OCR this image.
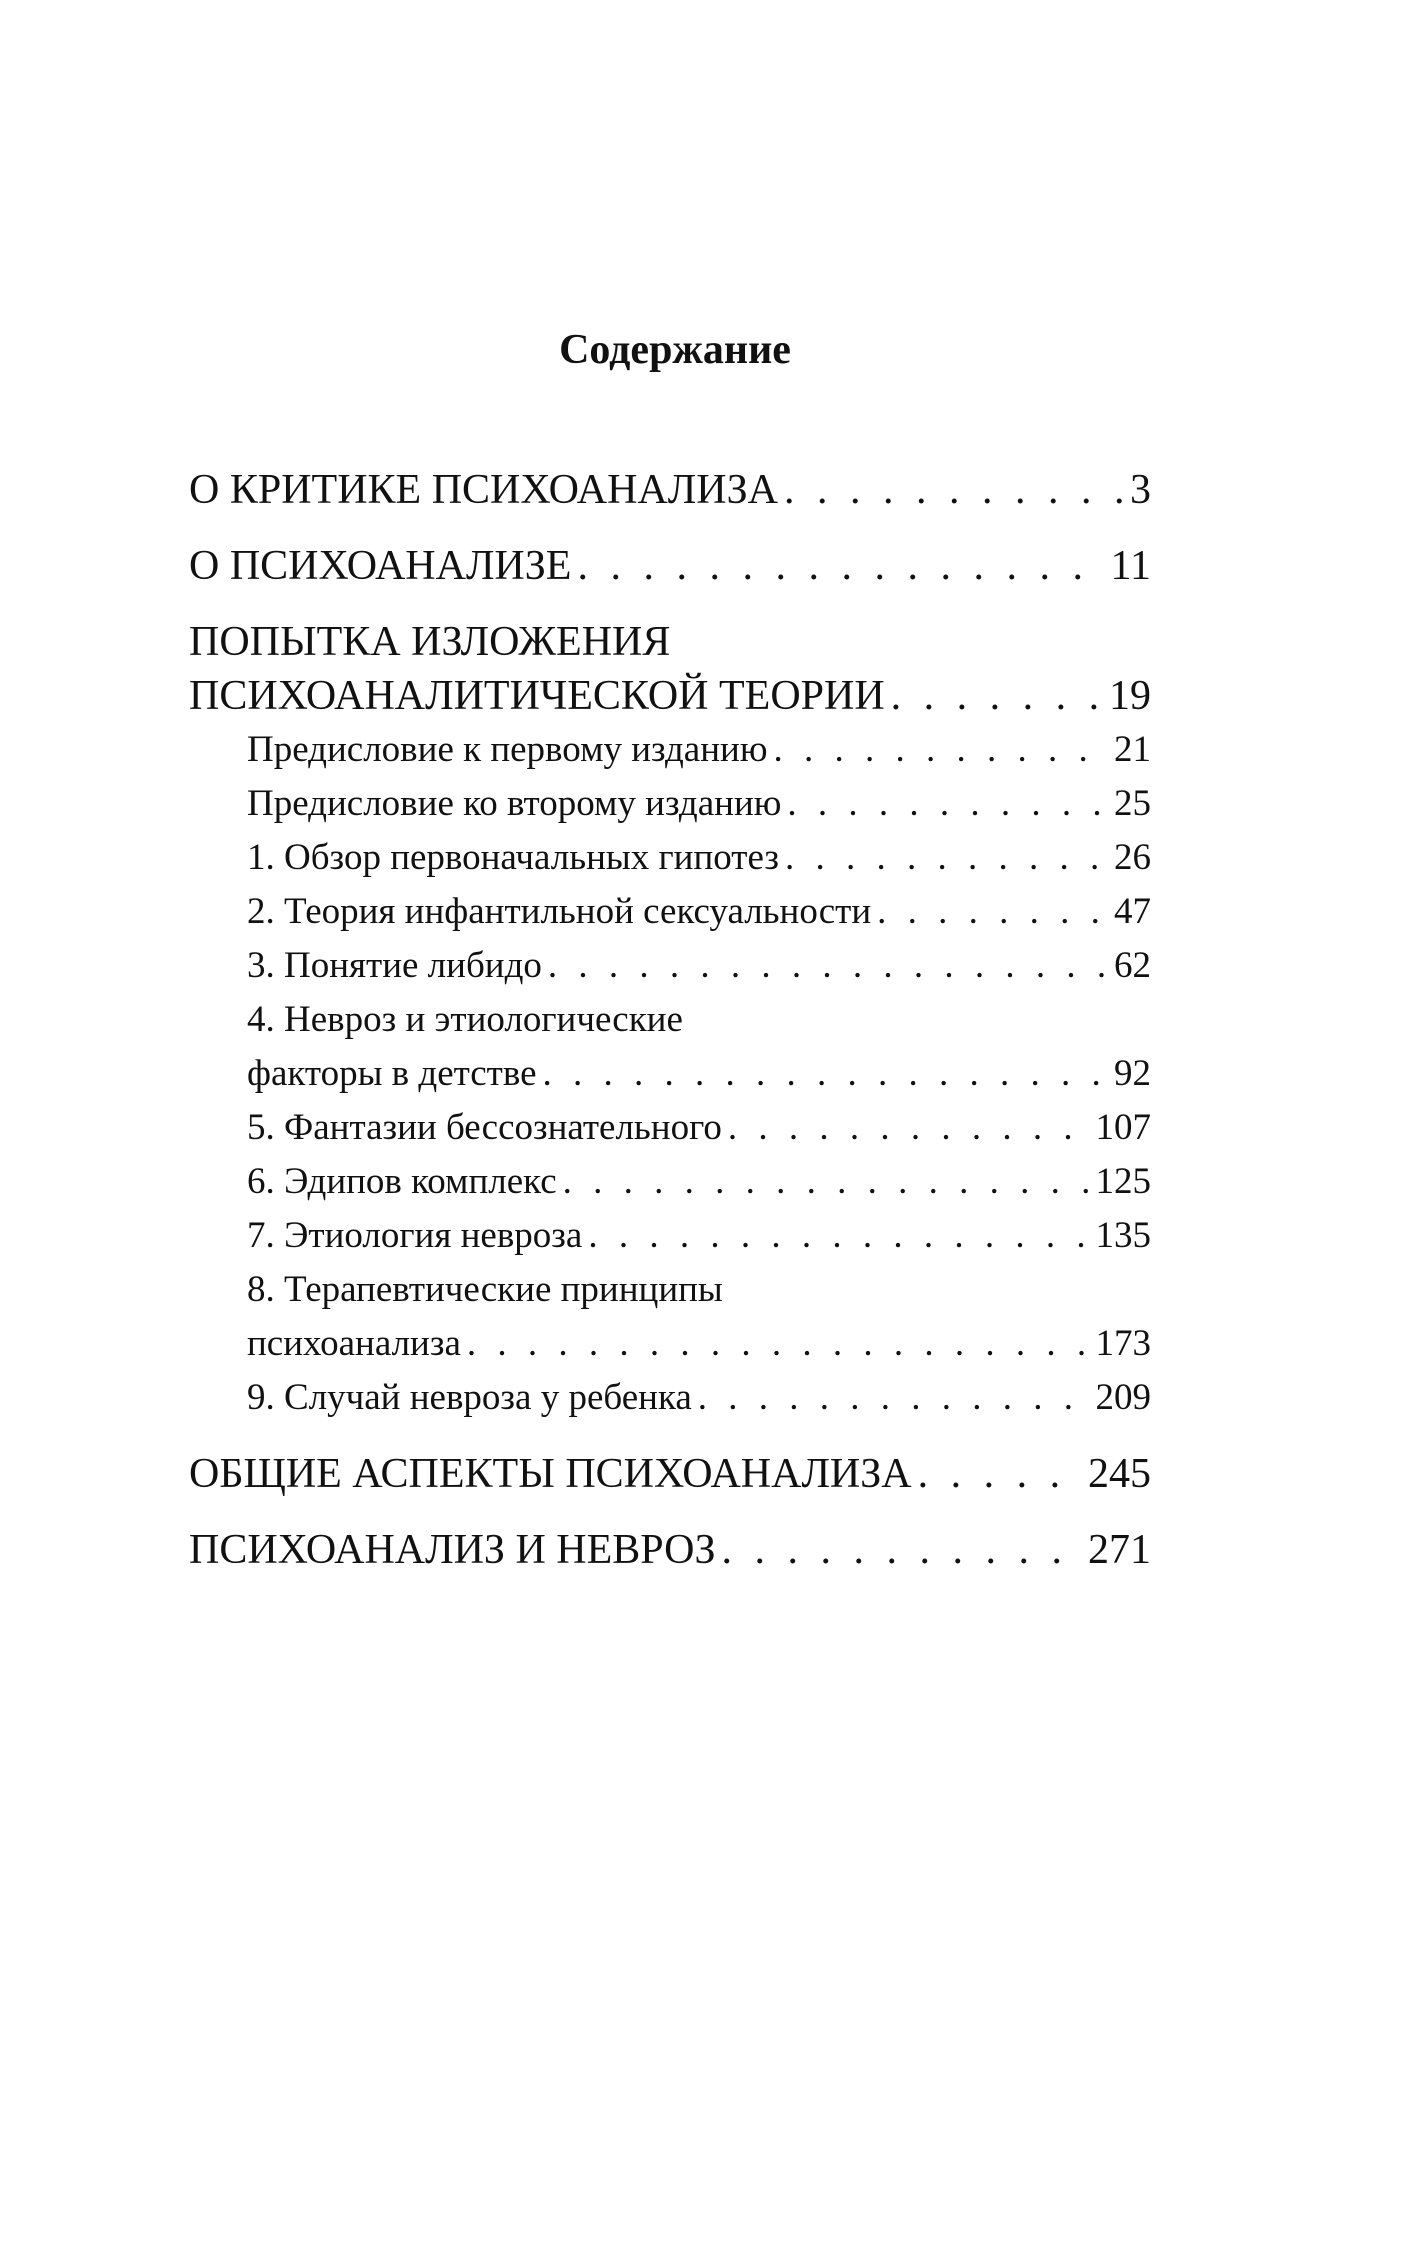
Содержание
О КРИТИКЕ ПСИХОАНАЛИЗА . . .	3
О ПСИХОАНАЛИЗЕ . . .	11
ПОПЫТКА ИЗЛОЖЕНИЯ
ПСИХОАНАЛИТИЧЕСКОЙ ТЕОРИИ . . .	19
Предисловие к первому изданию . . .	21
Предисловие ко второму изданию . . .	25
1. Обзор первоначальных гипотез . . .	26
2. Теория инфантильной сексуальности . . .	47
3. Понятие либидо . . .	62
4. Невроз и этиологические
факторы в детстве . . .	92
5. Фантазии бессознательного . . .	107
6. Эдипов комплекс . . .	125
7. Этиология невроза . . .	135
8. Терапевтические принципы
психоанализа . . .	173
9. Случай невроза у ребенка . . .	209
ОБЩИЕ АСПЕКТЫ ПСИХОАНАЛИЗА . . .	245
ПСИХОАНАЛИЗ И НЕВРОЗ . . .	271
